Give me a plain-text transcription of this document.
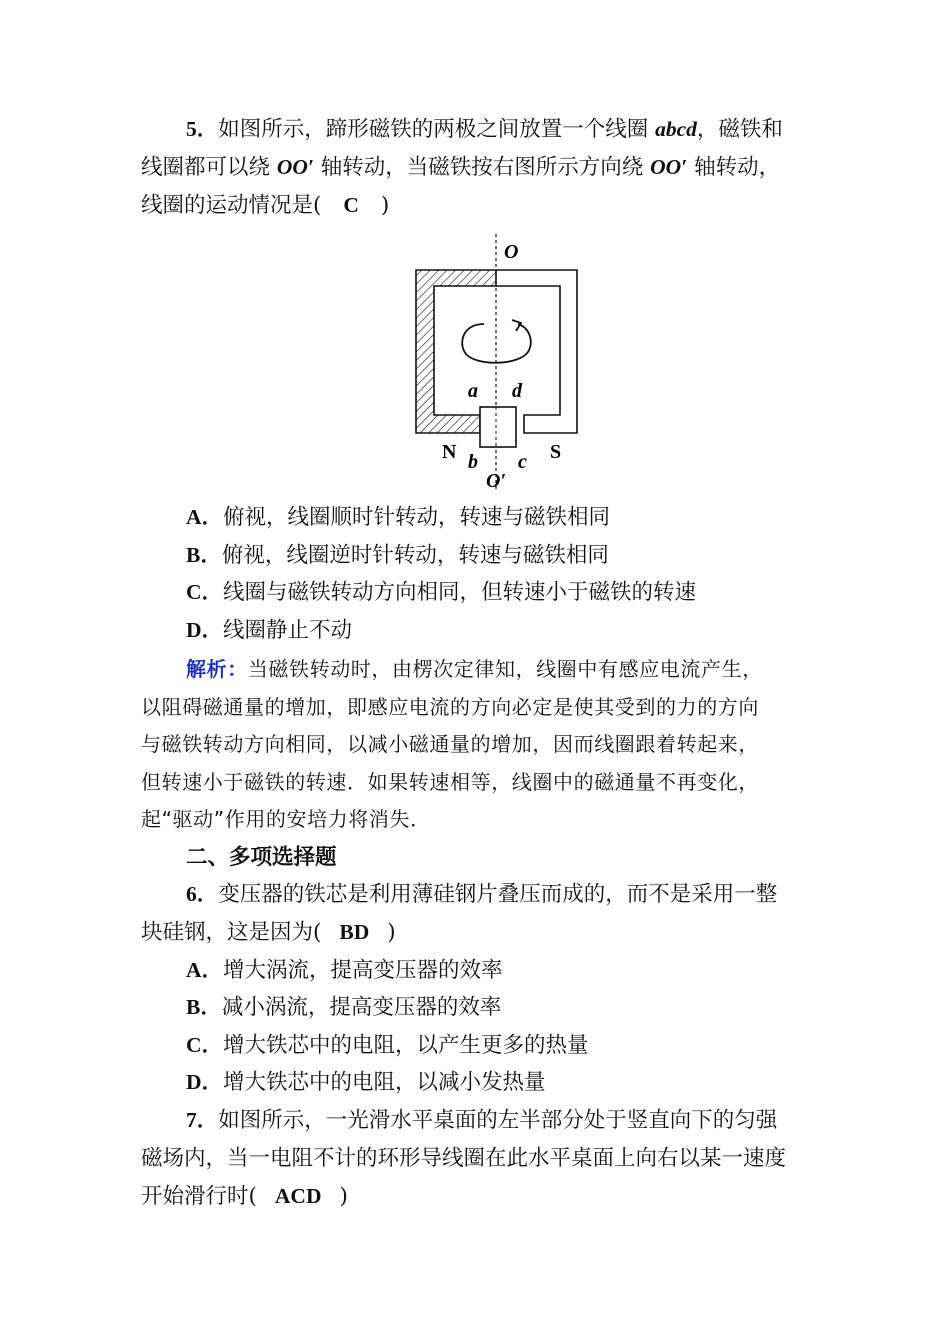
5．如图所示，蹄形磁铁的两极之间放置一个线圈 abcd，磁铁和
线圈都可以绕 OO′ 轴转动，当磁铁按右图所示方向绕 OO′ 轴转动，
线圈的运动情况是( C )
O
a d
N	S
b c
O′
A．俯视，线圈顺时针转动，转速与磁铁相同
B．俯视，线圈逆时针转动，转速与磁铁相同
C．线圈与磁铁转动方向相同，但转速小于磁铁的转速
D．线圈静止不动
解析：当磁铁转动时，由楞次定律知，线圈中有感应电流产生，
以阻碍磁通量的增加，即感应电流的方向必定是使其受到的力的方向
与磁铁转动方向相同，以减小磁通量的增加，因而线圈跟着转起来，
但转速小于磁铁的转速．如果转速相等，线圈中的磁通量不再变化，
起“驱动”作用的安培力将消失．
二、多项选择题
6．变压器的铁芯是利用薄硅钢片叠压而成的，而不是采用一整
块硅钢，这是因为( BD )
A．增大涡流，提高变压器的效率
B．减小涡流，提高变压器的效率
C．增大铁芯中的电阻，以产生更多的热量
D．增大铁芯中的电阻，以减小发热量
7．如图所示，一光滑水平桌面的左半部分处于竖直向下的匀强
磁场内，当一电阻不计的环形导线圈在此水平桌面上向右以某一速度
开始滑行时( ACD )
